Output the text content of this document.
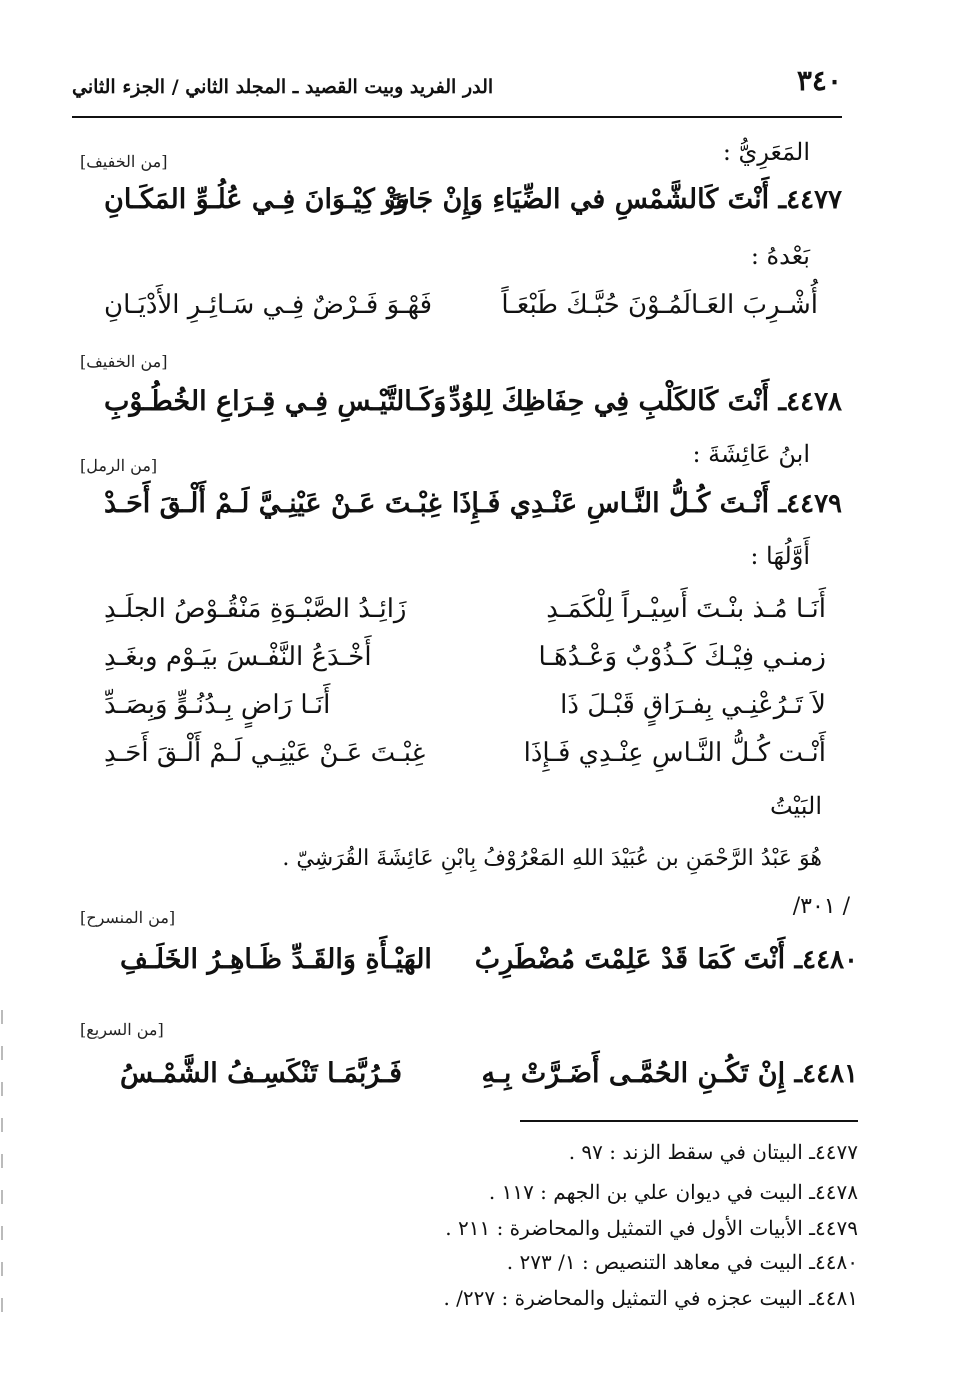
٣٤٠
الدر الفريد وبيت القصيد ـ المجلد الثاني / الجزء الثاني
المَعَرِيُّ :
[من الخفيف]
٤٤٧٧ـ أَنْتَ كَالشَّمْسِ في الضِّيَاءِ وَإِنْ جَاوَزْ
تَ كِيْـوَانَ فِـي عُلُـوِّ المَكَـانِ
بَعْدهُ :
أُشْـرِبَ العَـالَمُـوْنَ حُبَّـكَ طَبْعَـاً
فَهْـوَ فَـرْضٌ فِـي سَـائِـرِ الأَدْيَـانِ
[من الخفيف]
٤٤٧٨ـ أَنْتَ كَالكَلْبِ فِي حِفَاظِكَ لِلوُدِّ
وَكَـالتَّيْـسِ فِـي قِـرَاعِ الخُطُـوْبِ
ابنُ عَائِشَةَ :
[من الرمل]
٤٤٧٩ـ أَنْـتَ كُـلُّ النَّـاسِ عَنْـدِي فَـإِذَا
غِبْـتَ عَـنْ عَيْنِـيَّ لَـمْ أَلْـقَ أَحَـدْ
أَوَّلُهَا :
أَنَـا مُـذ بنْـتَ أَسِيْـراً لِلْكَمَـدِ
زَائِـدُ الصَّبْـوَةِ مَنْقُـوْصُ الجلَـدِ
زمنـي فِيْـكَ كَـذُوْبٌ وَعْـدُهَـا
أَخْـدَعُ النَّفْـسَ بيَـوْم وبغَـدِ
لاَ تَـرُعْنِـي بِفـرَاقٍ قَبْـلَ ذَا
أَنَـا رَاضٍ بِـدُنُـوٍّ وَبِصَـدِّ
أَنْـت كُـلُّ النَّـاسِ عِنْـدِي فَـإِذَا
غِبْـتَ عَـنْ عَيْنِـي لَـمْ أَلْـقَ أَحَـدِ
البَيْتُ
هُوَ عَبْدُ الرَّحْمَنِ بن عُبَيْدَ اللهِ المَعْرُوْفُ بِابْنِ عَائِشَةَ القُرَشِيّ .
/ ٣٠١/
[من المنسرح]
٤٤٨٠ـ أَنْتَ كَمَا قَدْ عَلِمْتَ مُضْطَرِبُ
الهَيْـأَةِ وَالقَـدِّ ظَـاهِـرُ الخَلَـفِ
[من السريع]
٤٤٨١ـ إِنْ تَكُـنِ الحُمَّـى أَضَـرَّتْ بِـهِ
فَـرُبَّمَـا تَنْكَسِـفُ الشَّمْـسُ
٤٤٧٧ـ البيتان في سقط الزند : ٩٧ .
٤٤٧٨ـ البيت في ديوان علي بن الجهم : ١١٧ .
٤٤٧٩ـ الأبيات الأول في التمثيل والمحاضرة : ٢١١ .
٤٤٨٠ـ البيت في معاهد التنصيص : ١/ ٢٧٣ .
٤٤٨١ـ البيت عجزه في التمثيل والمحاضرة : ٢٢٧/ .
